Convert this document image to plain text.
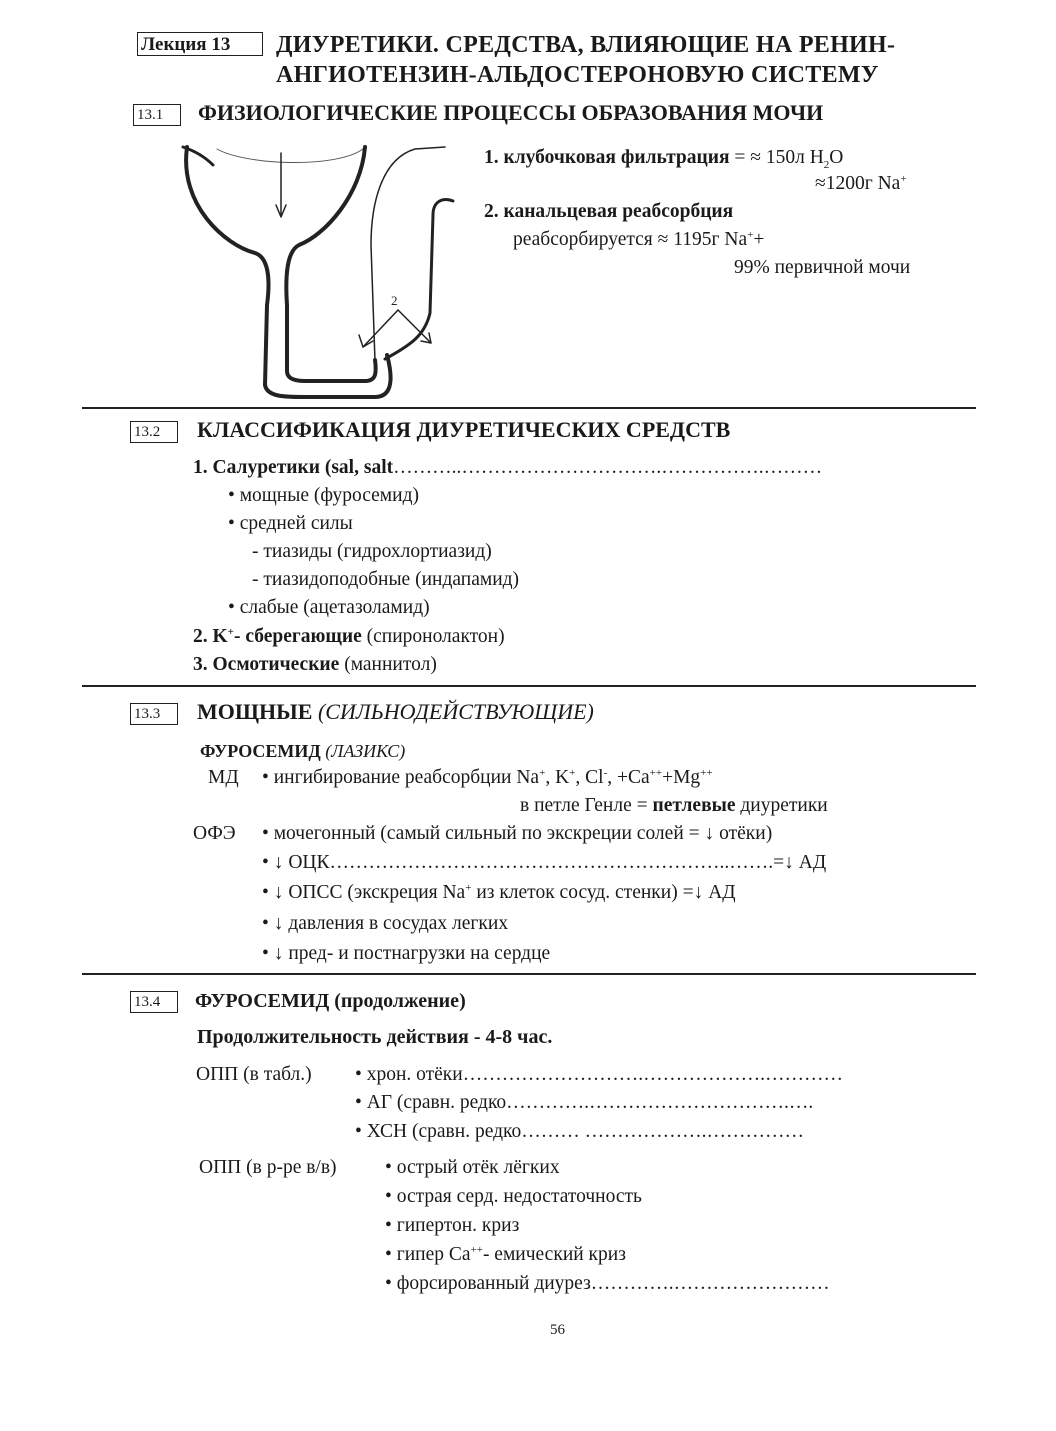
Лекция 13	ДИУРЕТИКИ. СРЕДСТВА, ВЛИЯЮЩИЕ НА РЕНИН-
АНГИОТЕНЗИН-АЛЬДОСТЕРОНОВУЮ СИСТЕМУ
13.1	ФИЗИОЛОГИЧЕСКИЕ ПРОЦЕССЫ ОБРАЗОВАНИЯ МОЧИ
2
1. клубочковая фильтрация = ≈ 150л $H_2O$
≈1200г Na+
2. канальцевая реабсорбция
реабсорбируется ≈ 1195г Na++
99% первичной мочи
13.2	КЛАССИФИКАЦИЯ ДИУРЕТИЧЕСКИХ СРЕДСТВ
1. Салуретики (sal, salt………..………………………….…………….………
• мощные (фуросемид)
• средней силы
- тиазиды (гидрохлортиазид)
- тиазидоподобные (индапамид)
• слабые (ацетазоламид)
2. K+- сберегающие (спиронолактон)
3. Осмотические (маннитол)
13.3	МОЩНЫЕ (СИЛЬНОДЕЙСТВУЮЩИЕ)
ФУРОСЕМИД (ЛАЗИКС)
МД • ингибирование реабсорбции Na+, K+, Cl-, +Ca+++Mg++
в петле Генле = петлевые диуретики
ОФЭ • мочегонный (самый сильный по экскреции солей = ↓ отёки)
• ↓ ОЦК……………………………………………………..…….=↓ АД
• ↓ ОПСС (экскреция Na+ из клеток сосуд. стенки) =↓ АД
• ↓ давления в сосудах легких
• ↓ пред- и постнагрузки на сердце
13.4	ФУРОСЕМИД (продолжение)
Продолжительность действия - 4-8 час.
ОПП (в табл.) • хрон. отёки……………………….……………….…………
• АГ (сравн. редко………….………………………….….
• ХСН (сравн. редко……… ……………….……………
ОПП (в р-ре в/в) • острый отёк лёгких
• острая серд. недостаточность
• гипертон. криз
• гипер Ca++- емический криз
• форсированный диурез………….……………………
56
